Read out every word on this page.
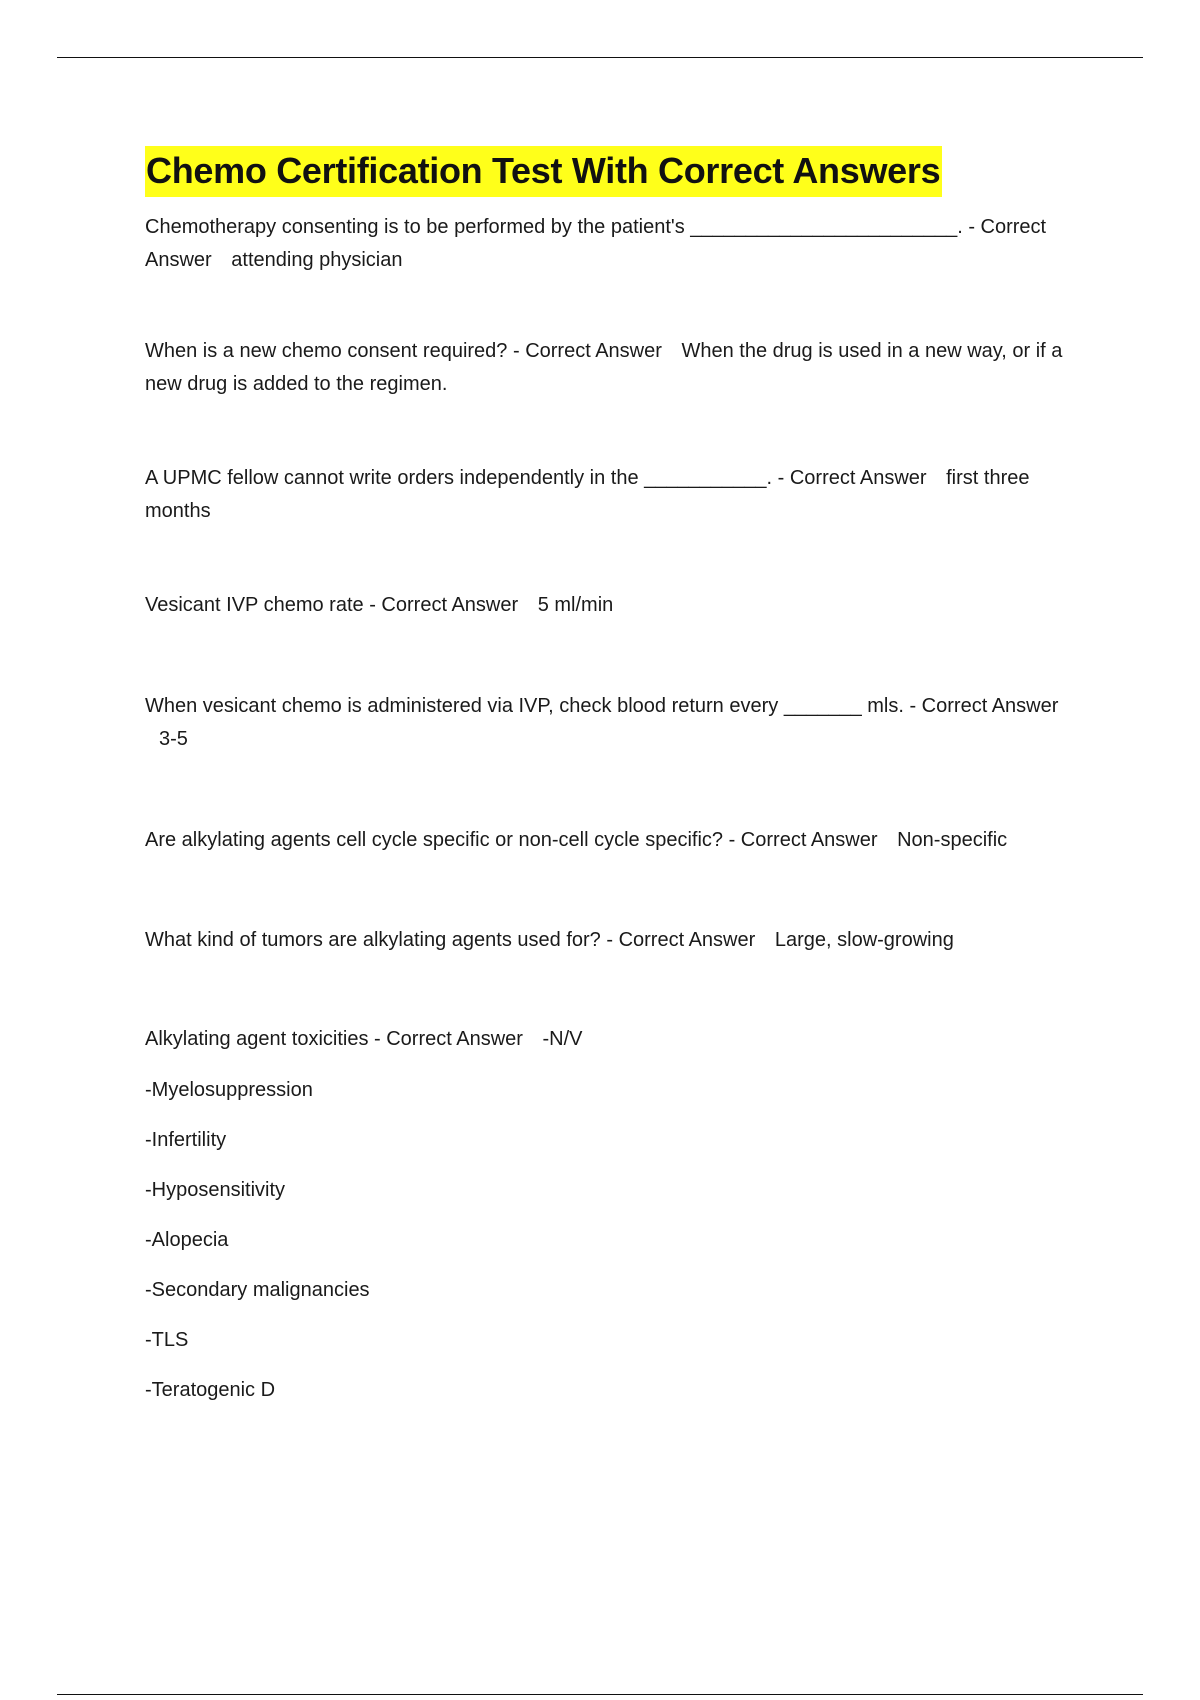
Chemo Certification Test With Correct Answers

Chemotherapy consenting is to be performed by the patient's ________________________. - Correct Answer attending physician

When is a new chemo consent required? - Correct Answer When the drug is used in a new way, or if a new drug is added to the regimen.

A UPMC fellow cannot write orders independently in the ___________. - Correct Answer first three months

Vesicant IVP chemo rate - Correct Answer 5 ml/min

When vesicant chemo is administered via IVP, check blood return every _______ mls. - Correct Answer 3-5

Are alkylating agents cell cycle specific or non-cell cycle specific? - Correct Answer Non-specific

What kind of tumors are alkylating agents used for? - Correct Answer Large, slow-growing

Alkylating agent toxicities - Correct Answer -N/V

-Myelosuppression
-Infertility
-Hyposensitivity
-Alopecia
-Secondary malignancies
-TLS
-Teratogenic D
